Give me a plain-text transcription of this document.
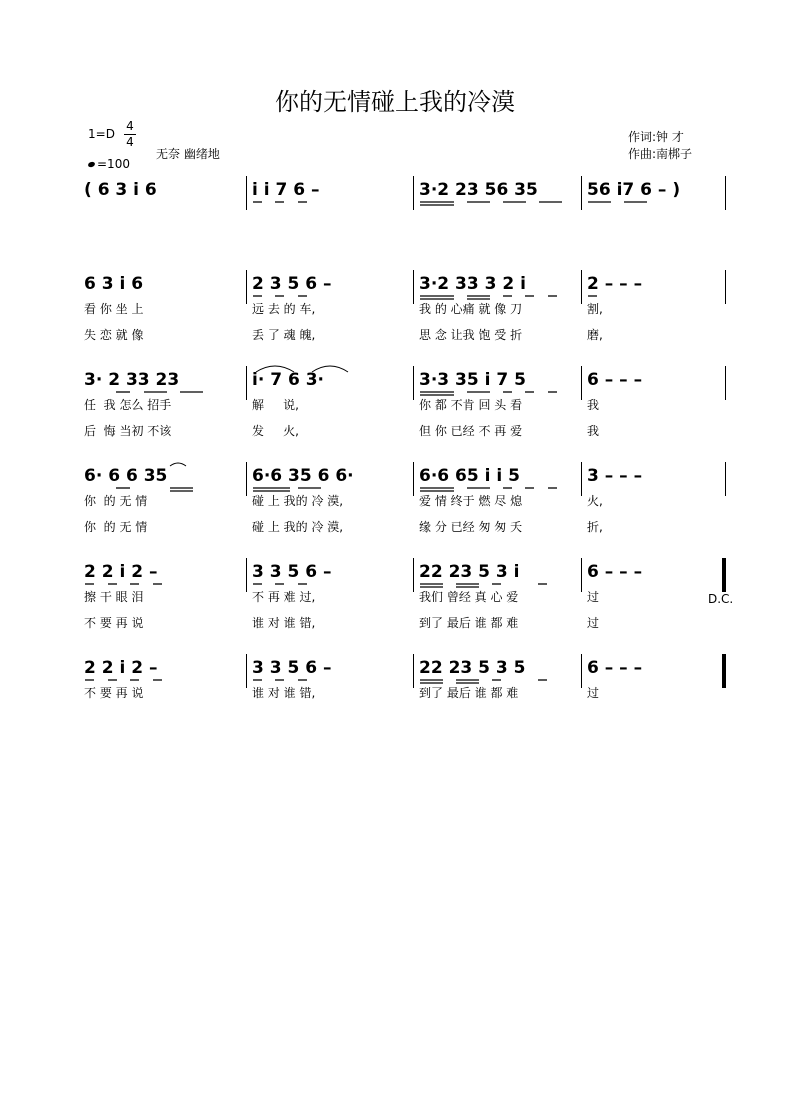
你的无情碰上我的冷漠
1=D
4
4
=100
无奈 幽绪地
作词:钟 才
作曲:南梆子
( 6 3 i 6	i i 7 6 –	3·2 23 56 35	56 i7 6 – )
6 3 i 6	2 3 5 6 –	3·2 33 3 2 i	2 – – –
看 你 坐 上	远 去 的 车,	我 的 心痛 就 像 刀	割,
失 恋 就 像	丢 了 魂 魄,	思 念 让我 饱 受 折	磨,
3· 2 33 23	i· 7 6 3·	3·3 35 i 7 5	6 – – –
任  我 怎么 招手	解     说,	你 都 不肯 回 头 看	我
后  悔 当初 不该	发     火,	但 你 已经 不 再 爱	我
6· 6 6 35	6·6 35 6 6·	6·6 65 i i 5	3 – – –
你  的 无 情	碰 上 我的 冷 漠,	爱 情 终于 燃 尽 熄	火,
你  的 无 情	碰 上 我的 冷 漠,	缘 分 已经 匆 匆 夭	折,
2 2 i 2 –	3 3 5 6 –	22 23 5 3 i	6 – – –
擦 干 眼 泪	不 再 难 过,	我们 曾经 真 心 爱	过
不 要 再 说	谁 对 谁 错,	到了 最后 谁 都 难	过
D.C.
2 2 i 2 –	3 3 5 6 –	22 23 5 3 5	6 – – –
不 要 再 说	谁 对 谁 错,	到了 最后 谁 都 难	过
